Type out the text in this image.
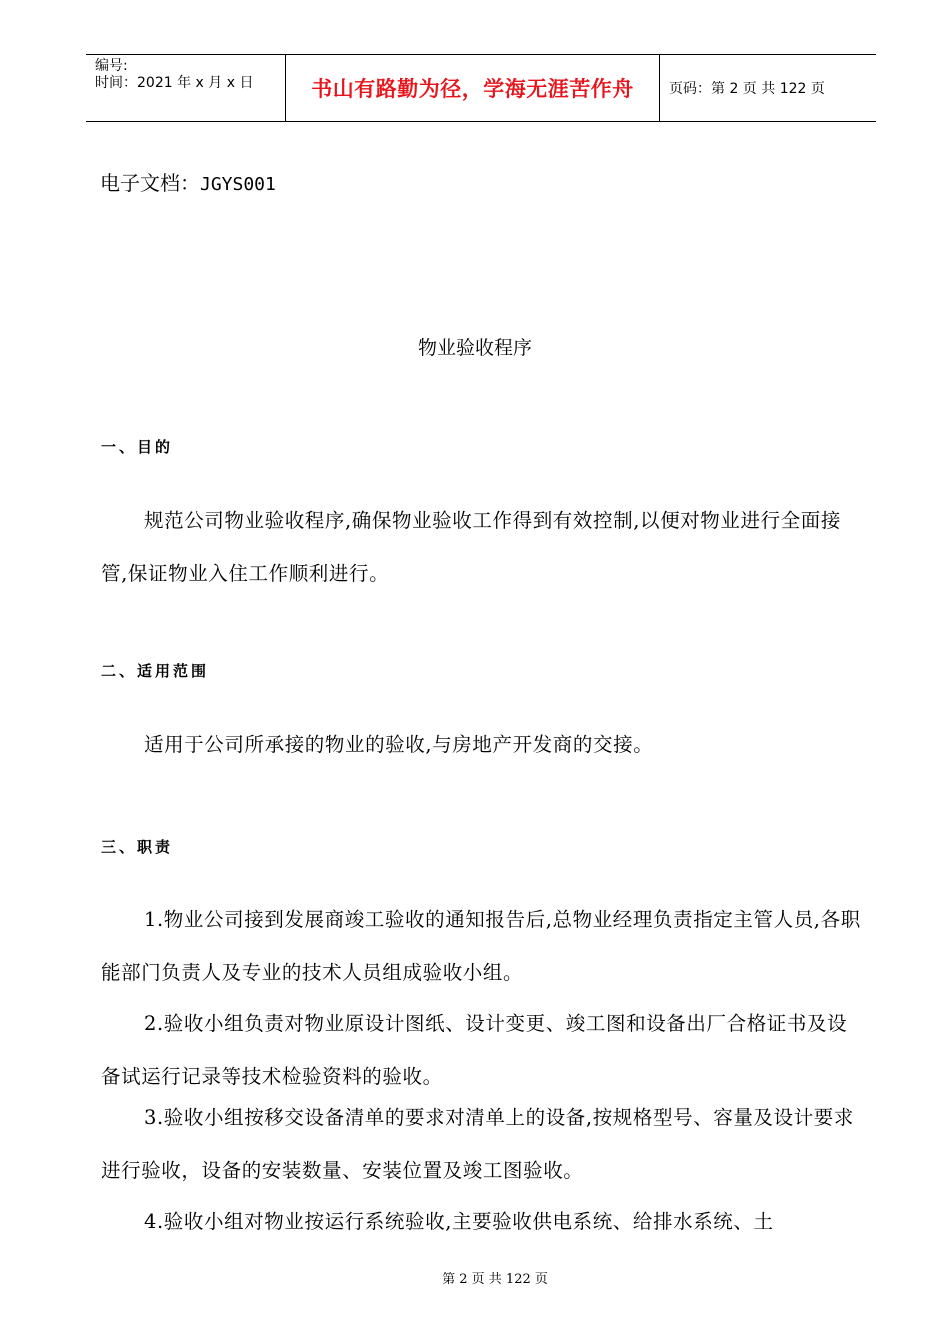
编号:
时间：2021 年 x 月 x 日	书山有路勤为径，学海无涯苦作舟	页码：第 2 页 共 122 页
电子文档：JGYS001
物业验收程序
一、目的
规范公司物业验收程序,确保物业验收工作得到有效控制,以便对物业进行全面接管,保证物业入住工作顺利进行。
二、适用范围
适用于公司所承接的物业的验收,与房地产开发商的交接。
三、职责
1.物业公司接到发展商竣工验收的通知报告后,总物业经理负责指定主管人员,各职能部门负责人及专业的技术人员组成验收小组。
2.验收小组负责对物业原设计图纸、设计变更、竣工图和设备出厂合格证书及设备试运行记录等技术检验资料的验收。
3.验收小组按移交设备清单的要求对清单上的设备,按规格型号、容量及设计要求进行验收，设备的安装数量、安装位置及竣工图验收。
4.验收小组对物业按运行系统验收,主要验收供电系统、给排水系统、土
第 2 页 共 122 页
